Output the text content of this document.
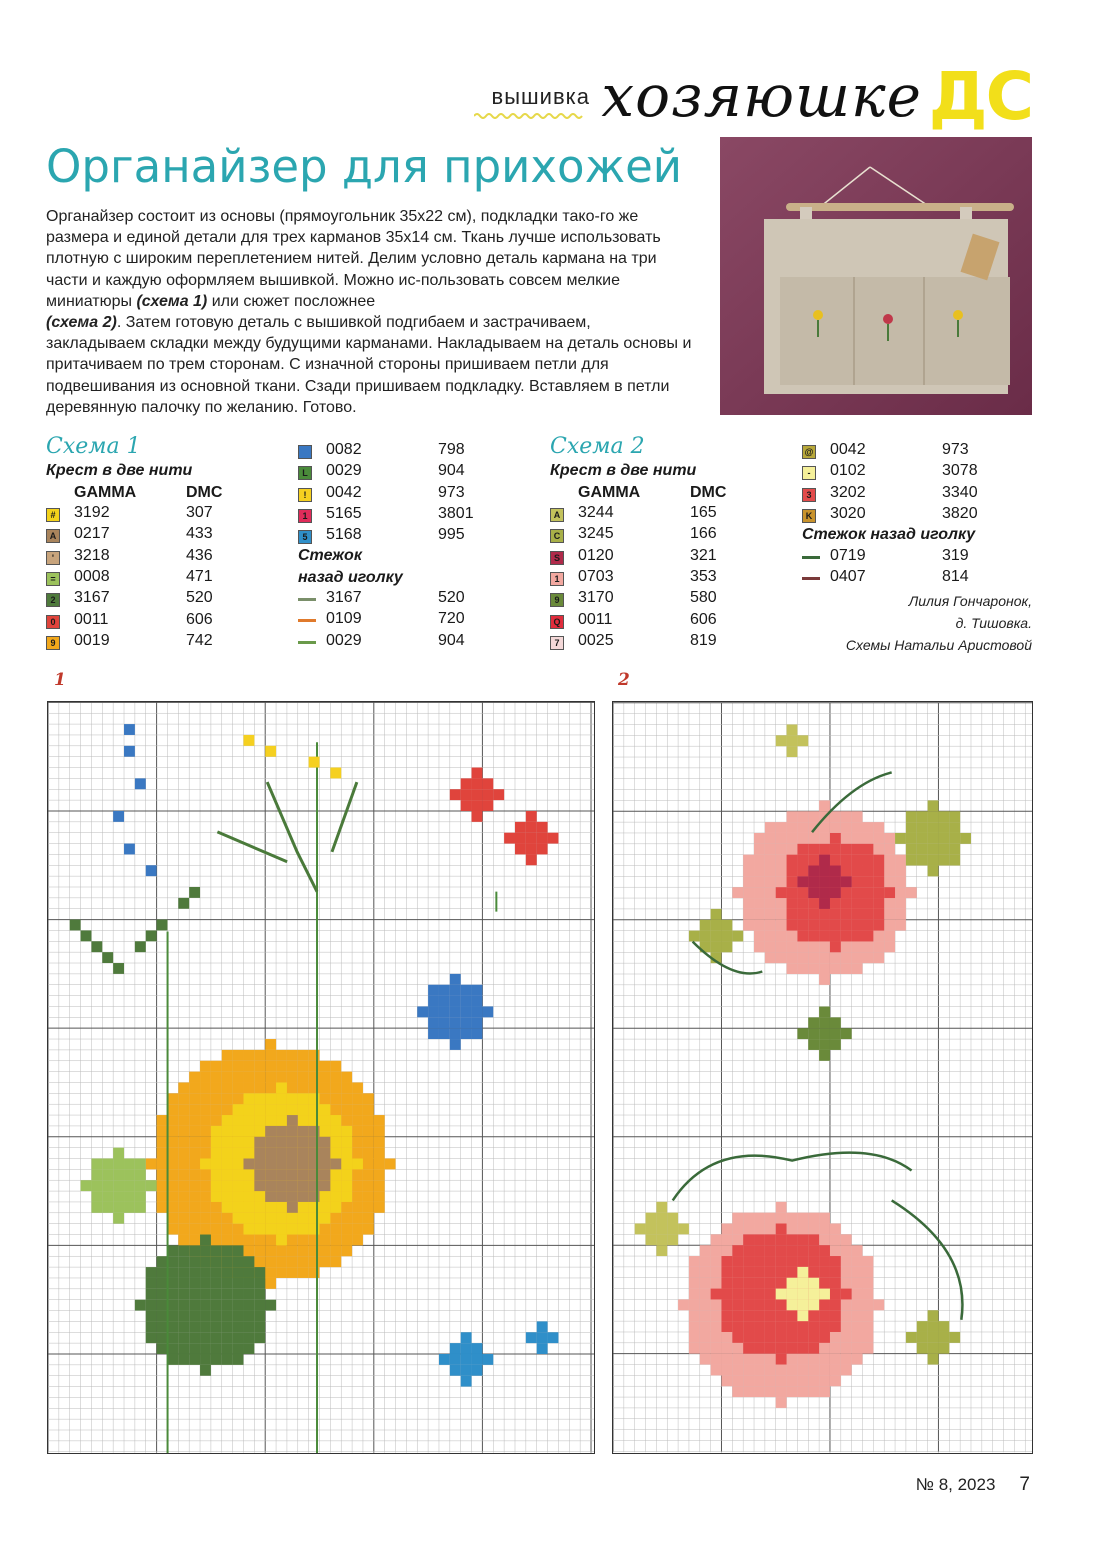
вышивка хозяюшке ДС
Органайзер для прихожей
Органайзер состоит из основы (прямоугольник 35х22 см), подкладки тако-го же размера и единой детали для трех карманов 35х14 см. Ткань лучше использовать плотную с широким переплетением нитей. Делим условно деталь кармана на три части и каждую оформляем вышивкой. Можно ис-пользовать совсем мелкие миниатюры (схема 1) или сюжет посложнее
(схема 2). Затем готовую деталь с вышивкой подгибаем и застрачиваем, закладываем складки между будущими карманами. Накладываем на деталь основы и притачиваем по трем сторонам. С изначной стороны пришиваем петли для подвешивания из основной ткани. Сзади пришиваем подкладку. Вставляем в петли деревянную палочку по желанию. Готово.
Схема 1
Крест в две нити
GAMMA	DMC
# 3192	307
A 0217	433
'	3218	436
= 0008	471
2 3167	520
0 0011	606
9 0019	742
0082	798
L 0029	904
!	0042	973
1 5165	3801
5 5168	995
Стежок
назад иголку
3167	520
0109	720
0029	904
Схема 2
Крест в две нити
GAMMA	DMC
A 3244	165
C 3245	166
S 0120	321
1 0703	353
9 3170	580
Q 0011	606
7 0025	819
@ 0042	973
-	0102	3078
3 3202	3340
K 3020	3820
Стежок назад иголку
0719	319
0407	814
Лилия Гончаронок,
д. Тишовка.
Схемы Натальи Аристовой
1	2
№ 8, 2023 7
